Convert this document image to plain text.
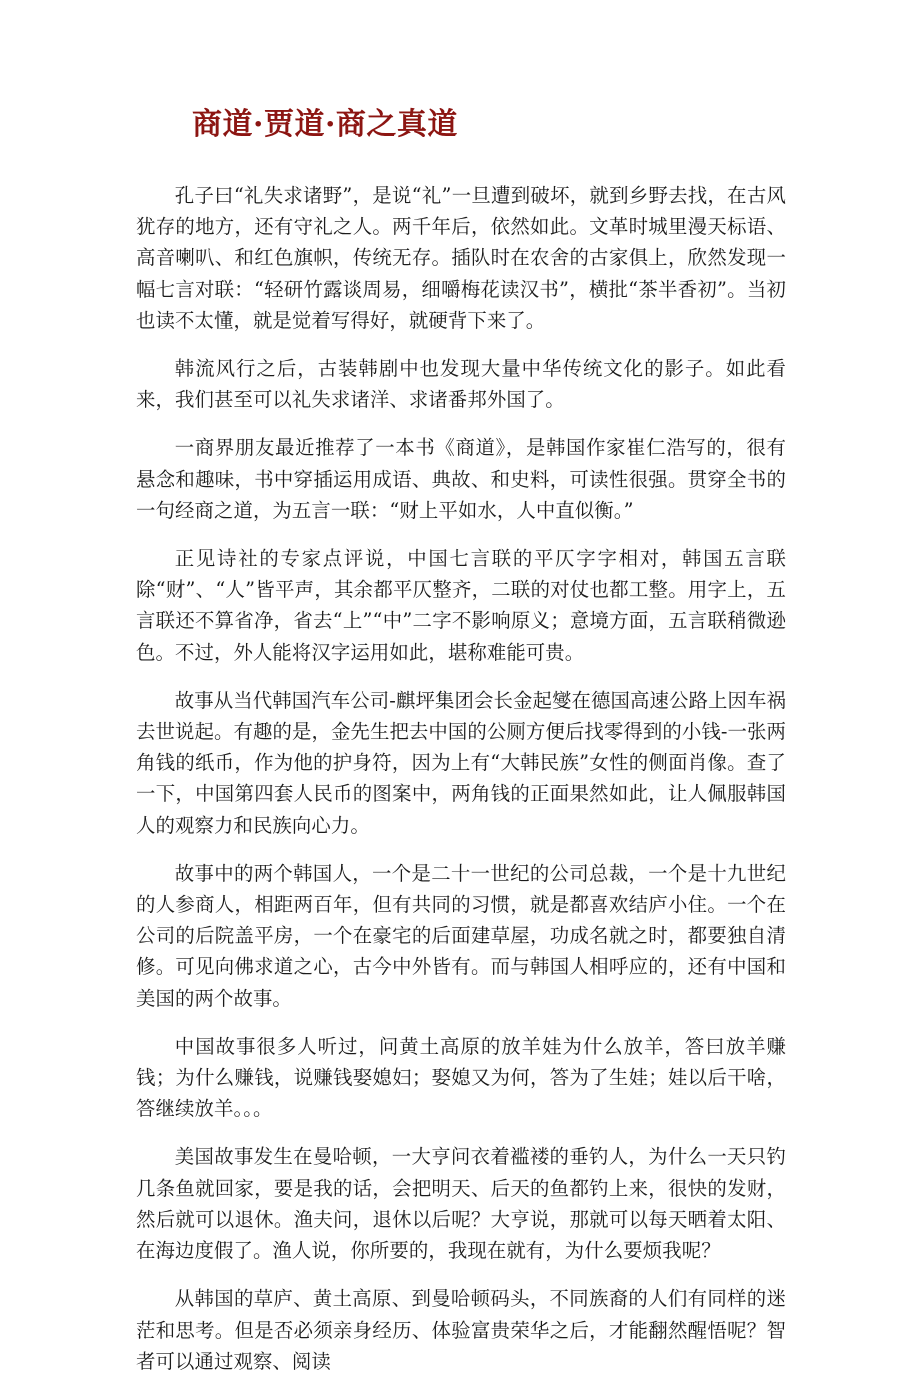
商道·贾道·商之真道

孔子曰“礼失求诸野”，是说“礼”一旦遭到破坏，就到乡野去找，在古风犹存的地方，还有守礼之人。两千年后，依然如此。文革时城里漫天标语、高音喇叭、和红色旗帜，传统无存。插队时在农舍的古家俱上，欣然发现一幅七言对联：“轻研竹露谈周易，细嚼梅花读汉书”，横批“茶半香初”。当初也读不太懂，就是觉着写得好，就硬背下来了。

韩流风行之后，古装韩剧中也发现大量中华传统文化的影子。如此看来，我们甚至可以礼失求诸洋、求诸番邦外国了。

一商界朋友最近推荐了一本书《商道》，是韩国作家崔仁浩写的，很有悬念和趣味，书中穿插运用成语、典故、和史料，可读性很强。贯穿全书的一句经商之道，为五言一联：“财上平如水，人中直似衡。”

正见诗社的专家点评说，中国七言联的平仄字字相对，韩国五言联除“财”、“人”皆平声，其余都平仄整齐，二联的对仗也都工整。用字上，五言联还不算省净，省去“上”“中”二字不影响原义；意境方面，五言联稍微逊色。不过，外人能将汉字运用如此，堪称难能可贵。

故事从当代韩国汽车公司-麒坪集团会长金起燮在德国高速公路上因车祸去世说起。有趣的是，金先生把去中国的公厕方便后找零得到的小钱-一张两角钱的纸币，作为他的护身符，因为上有“大韩民族”女性的侧面肖像。查了一下，中国第四套人民币的图案中，两角钱的正面果然如此，让人佩服韩国人的观察力和民族向心力。

故事中的两个韩国人，一个是二十一世纪的公司总裁，一个是十九世纪的人参商人，相距两百年，但有共同的习惯，就是都喜欢结庐小住。一个在公司的后院盖平房，一个在豪宅的后面建草屋，功成名就之时，都要独自清修。可见向佛求道之心，古今中外皆有。而与韩国人相呼应的，还有中国和美国的两个故事。

中国故事很多人听过，问黄土高原的放羊娃为什么放羊，答曰放羊赚钱；为什么赚钱，说赚钱娶媳妇；娶媳又为何，答为了生娃；娃以后干啥，答继续放羊。。。

美国故事发生在曼哈顿，一大亨问衣着褴褛的垂钓人，为什么一天只钓几条鱼就回家，要是我的话，会把明天、后天的鱼都钓上来，很快的发财，然后就可以退休。渔夫问，退休以后呢？大亨说，那就可以每天晒着太阳、在海边度假了。渔人说，你所要的，我现在就有，为什么要烦我呢？

从韩国的草庐、黄土高原、到曼哈顿码头，不同族裔的人们有同样的迷茫和思考。但是否必须亲身经历、体验富贵荣华之后，才能翻然醒悟呢？智者可以通过观察、阅读
